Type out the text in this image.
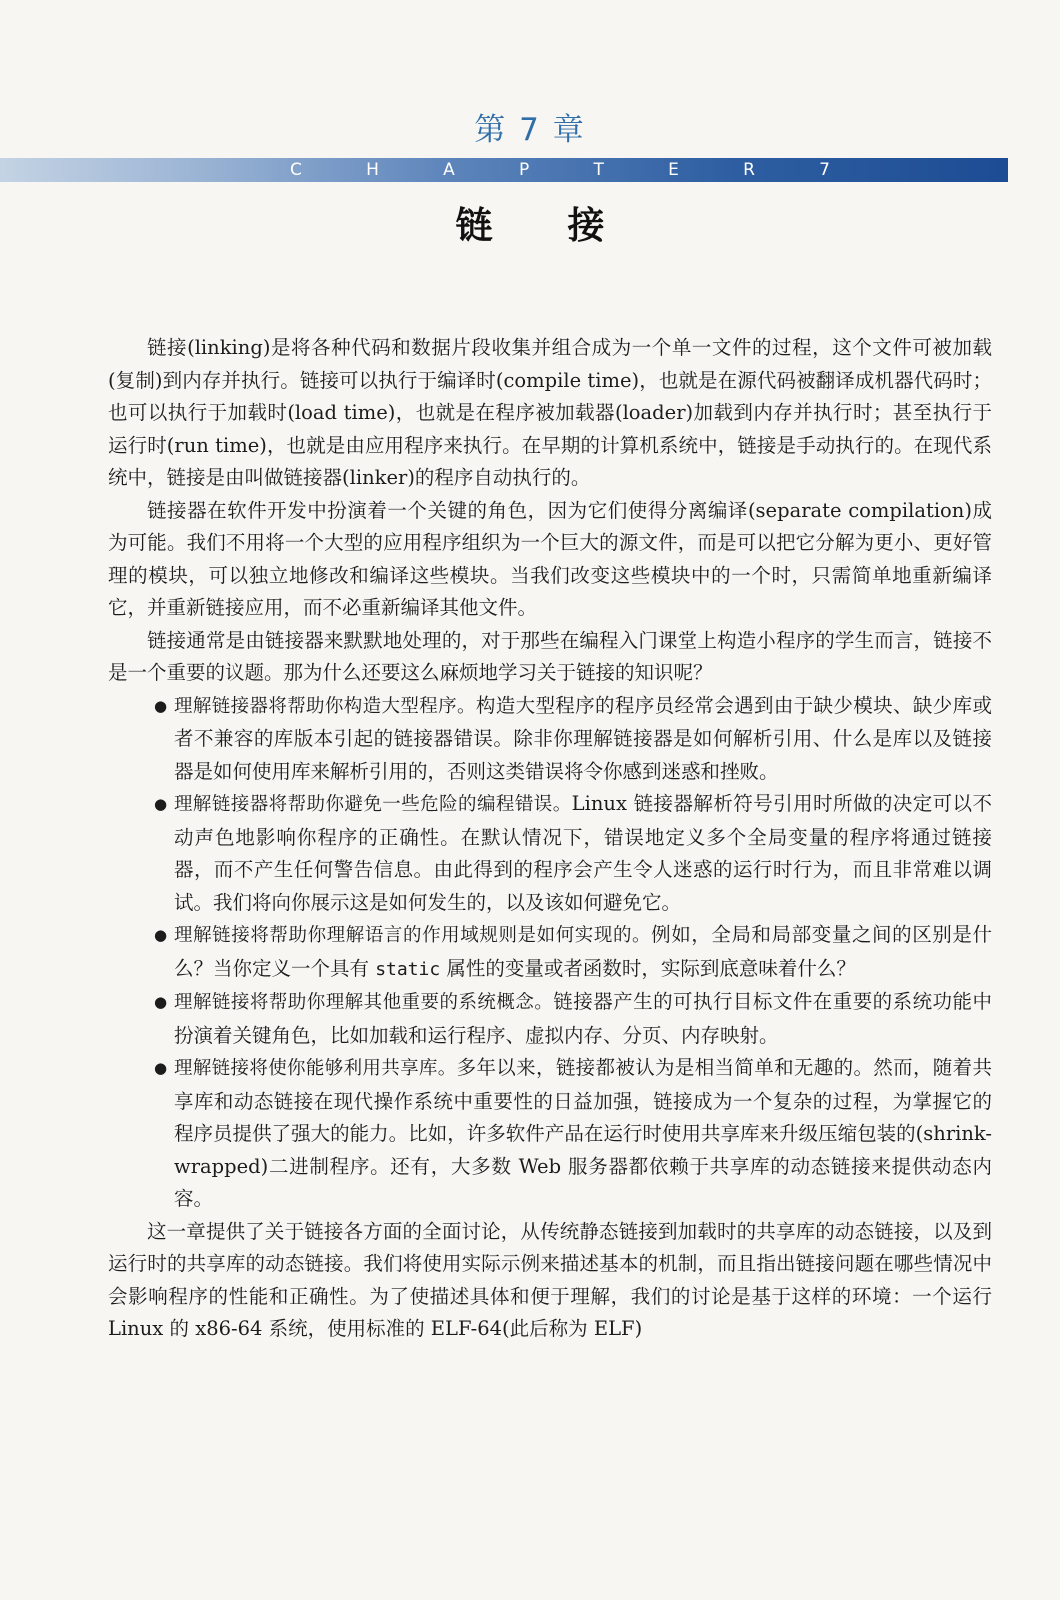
第 7 章
C	H	A	P	T	E	R	7
链接

链接(linking)是将各种代码和数据片段收集并组合成为一个单一文件的过程，这个文件可被加载(复制)到内存并执行。链接可以执行于编译时(compile time)，也就是在源代码被翻译成机器代码时；也可以执行于加载时(load time)，也就是在程序被加载器(loader)加载到内存并执行时；甚至执行于运行时(run time)，也就是由应用程序来执行。在早期的计算机系统中，链接是手动执行的。在现代系统中，链接是由叫做链接器(linker)的程序自动执行的。

链接器在软件开发中扮演着一个关键的角色，因为它们使得分离编译(separate compilation)成为可能。我们不用将一个大型的应用程序组织为一个巨大的源文件，而是可以把它分解为更小、更好管理的模块，可以独立地修改和编译这些模块。当我们改变这些模块中的一个时，只需简单地重新编译它，并重新链接应用，而不必重新编译其他文件。

链接通常是由链接器来默默地处理的，对于那些在编程入门课堂上构造小程序的学生而言，链接不是一个重要的议题。那为什么还要这么麻烦地学习关于链接的知识呢？

● 理解链接器将帮助你构造大型程序。构造大型程序的程序员经常会遇到由于缺少模块、缺少库或者不兼容的库版本引起的链接器错误。除非你理解链接器是如何解析引用、什么是库以及链接器是如何使用库来解析引用的，否则这类错误将令你感到迷惑和挫败。
● 理解链接器将帮助你避免一些危险的编程错误。Linux 链接器解析符号引用时所做的决定可以不动声色地影响你程序的正确性。在默认情况下，错误地定义多个全局变量的程序将通过链接器，而不产生任何警告信息。由此得到的程序会产生令人迷惑的运行时行为，而且非常难以调试。我们将向你展示这是如何发生的，以及该如何避免它。
● 理解链接将帮助你理解语言的作用域规则是如何实现的。例如，全局和局部变量之间的区别是什么？当你定义一个具有 static 属性的变量或者函数时，实际到底意味着什么？
● 理解链接将帮助你理解其他重要的系统概念。链接器产生的可执行目标文件在重要的系统功能中扮演着关键角色，比如加载和运行程序、虚拟内存、分页、内存映射。
● 理解链接将使你能够利用共享库。多年以来，链接都被认为是相当简单和无趣的。然而，随着共享库和动态链接在现代操作系统中重要性的日益加强，链接成为一个复杂的过程，为掌握它的程序员提供了强大的能力。比如，许多软件产品在运行时使用共享库来升级压缩包装的(shrink-wrapped)二进制程序。还有，大多数 Web 服务器都依赖于共享库的动态链接来提供动态内容。

这一章提供了关于链接各方面的全面讨论，从传统静态链接到加载时的共享库的动态链接，以及到运行时的共享库的动态链接。我们将使用实际示例来描述基本的机制，而且指出链接问题在哪些情况中会影响程序的性能和正确性。为了使描述具体和便于理解，我们的讨论是基于这样的环境：一个运行 Linux 的 x86-64 系统，使用标准的 ELF-64(此后称为 ELF)
